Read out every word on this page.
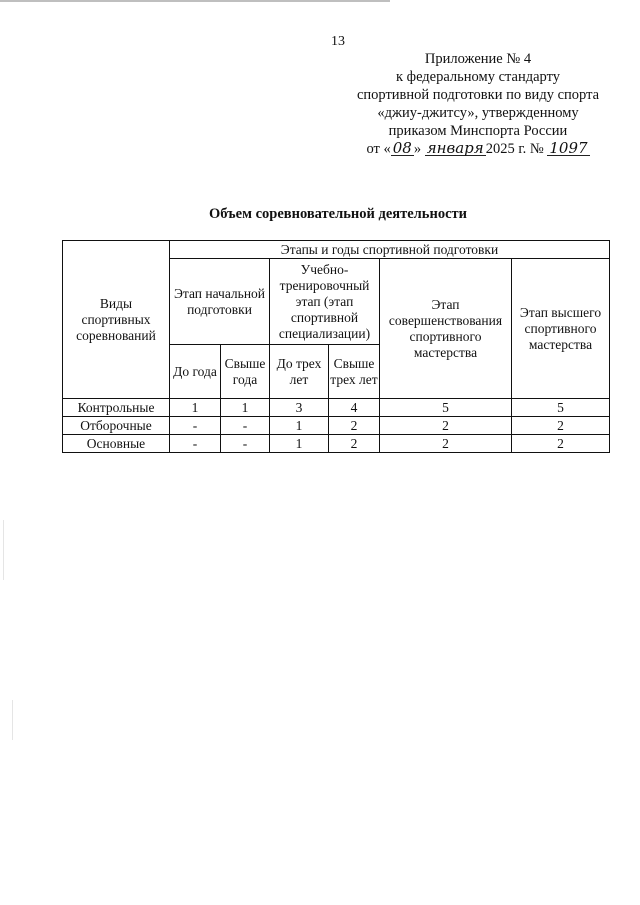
13
Приложение № 4
к федеральному стандарту
спортивной подготовки по виду спорта
«джиу-джитсу», утвержденному
приказом Минспорта России
от « 08 » января 2025 г. № 1097
Объем соревновательной деятельности
Виды спортивных соревнований	Этапы и годы спортивной подготовки					
	Этап начальной подготовки		Учебно-тренировочный этап (этап спортивной специализации)		Этап совершенствования спортивного мастерства	Этап высшего спортивного мастерства
	До года	Свыше года	До трех лет	Свыше трех лет		
Контрольные	1	1	3	4	5	5
Отборочные	-	-	1	2	2	2
Основные	-	-	1	2	2	2
